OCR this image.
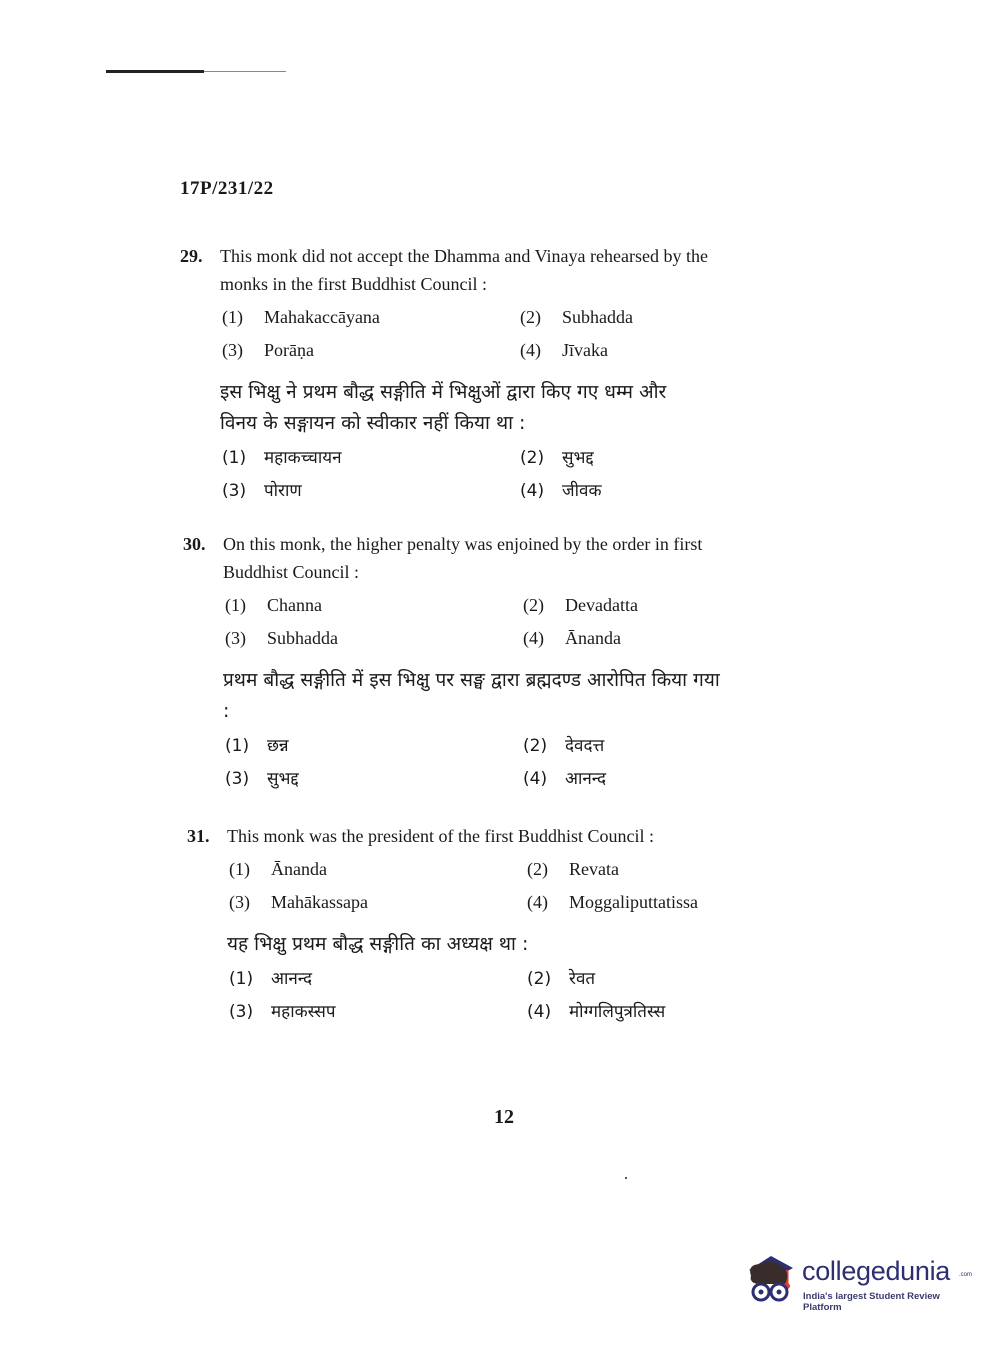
17P/231/22
29. This monk did not accept the Dhamma and Vinaya rehearsed by the
monks in the first Buddhist Council :
(1) Mahakaccāyana	(2) Subhadda
(3) Porāṇa	(4) Jīvaka
इस भिक्षु ने प्रथम बौद्ध सङ्गीति में भिक्षुओं द्वारा किए गए धम्म और
विनय के सङ्गायन को स्वीकार नहीं किया था :
(1) महाकच्चायन	(2) सुभद्द
(3) पोराण	(4) जीवक
30. On this monk, the higher penalty was enjoined by the order in first
Buddhist Council :
(1) Channa	(2) Devadatta
(3) Subhadda	(4) Ānanda
प्रथम बौद्ध सङ्गीति में इस भिक्षु पर सङ्घ द्वारा ब्रह्मदण्ड आरोपित किया गया
:
(1) छन्न	(2) देवदत्त
(3) सुभद्द	(4) आनन्द
31. This monk was the president of the first Buddhist Council :
(1) Ānanda	(2) Revata
(3) Mahākassapa	(4) Moggaliputtatissa
यह भिक्षु प्रथम बौद्ध सङ्गीति का अध्यक्ष था :
(1) आनन्द	(2) रेवत
(3) महाकस्सप	(4) मोग्गलिपुत्रतिस्स
12
collegedunia .com
India's largest Student Review Platform
